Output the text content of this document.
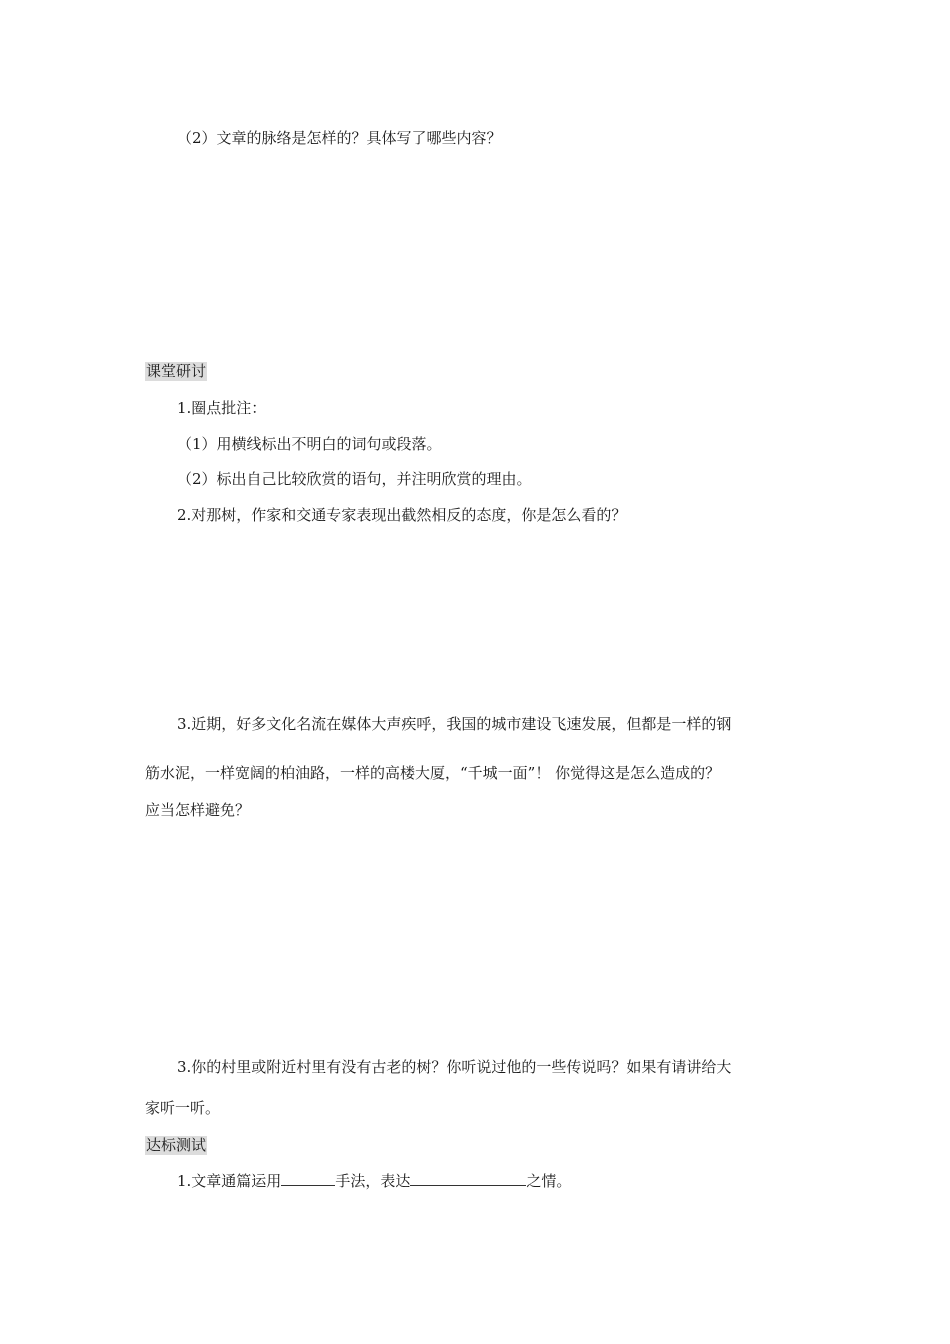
（2）文章的脉络是怎样的？具体写了哪些内容？
课堂研讨
1.圈点批注：
（1）用横线标出不明白的词句或段落。
（2）标出自己比较欣赏的语句，并注明欣赏的理由。
2.对那树，作家和交通专家表现出截然相反的态度，你是怎么看的？
3.近期，好多文化名流在媒体大声疾呼，我国的城市建设飞速发展，但都是一样的钢
筋水泥，一样宽阔的柏油路，一样的高楼大厦，“千城一面”！ 你觉得这是怎么造成的？
应当怎样避免？
3.你的村里或附近村里有没有古老的树？你听说过他的一些传说吗？如果有请讲给大
家听一听。
达标测试
1.文章通篇运用	手法，表达	之情。
